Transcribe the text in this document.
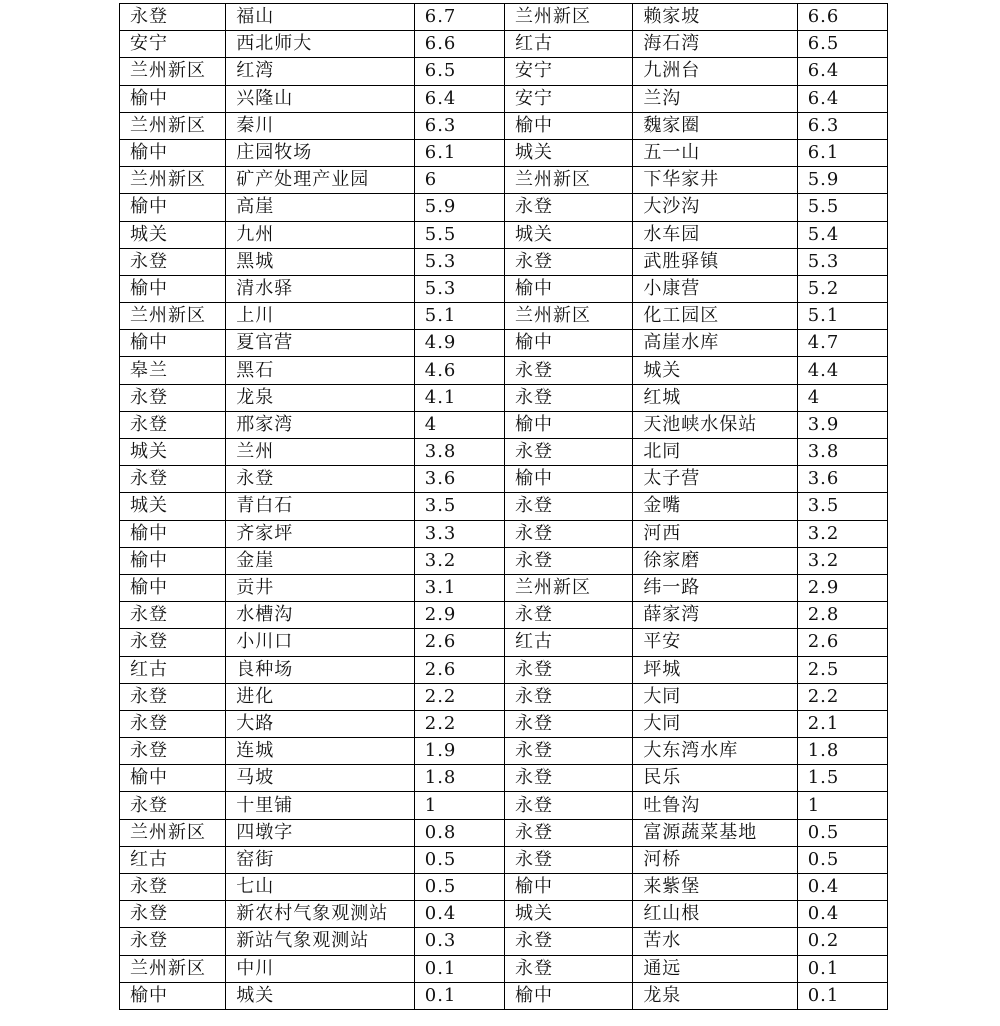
永登	福山	6.7	兰州新区	赖家坡	6.6
安宁	西北师大	6.6	红古	海石湾	6.5
兰州新区	红湾	6.5	安宁	九洲台	6.4
榆中	兴隆山	6.4	安宁	兰沟	6.4
兰州新区	秦川	6.3	榆中	魏家圈	6.3
榆中	庄园牧场	6.1	城关	五一山	6.1
兰州新区	矿产处理产业园	6	兰州新区	下华家井	5.9
榆中	高崖	5.9	永登	大沙沟	5.5
城关	九州	5.5	城关	水车园	5.4
永登	黑城	5.3	永登	武胜驿镇	5.3
榆中	清水驿	5.3	榆中	小康营	5.2
兰州新区	上川	5.1	兰州新区	化工园区	5.1
榆中	夏官营	4.9	榆中	高崖水库	4.7
皋兰	黑石	4.6	永登	城关	4.4
永登	龙泉	4.1	永登	红城	4
永登	邢家湾	4	榆中	天池峡水保站	3.9
城关	兰州	3.8	永登	北同	3.8
永登	永登	3.6	榆中	太子营	3.6
城关	青白石	3.5	永登	金嘴	3.5
榆中	齐家坪	3.3	永登	河西	3.2
榆中	金崖	3.2	永登	徐家磨	3.2
榆中	贡井	3.1	兰州新区	纬一路	2.9
永登	水槽沟	2.9	永登	薛家湾	2.8
永登	小川口	2.6	红古	平安	2.6
红古	良种场	2.6	永登	坪城	2.5
永登	进化	2.2	永登	大同	2.2
永登	大路	2.2	永登	大同	2.1
永登	连城	1.9	永登	大东湾水库	1.8
榆中	马坡	1.8	永登	民乐	1.5
永登	十里铺	1	永登	吐鲁沟	1
兰州新区	四墩字	0.8	永登	富源蔬菜基地	0.5
红古	窑街	0.5	永登	河桥	0.5
永登	七山	0.5	榆中	来紫堡	0.4
永登	新农村气象观测站	0.4	城关	红山根	0.4
永登	新站气象观测站	0.3	永登	苦水	0.2
兰州新区	中川	0.1	永登	通远	0.1
榆中	城关	0.1	榆中	龙泉	0.1
